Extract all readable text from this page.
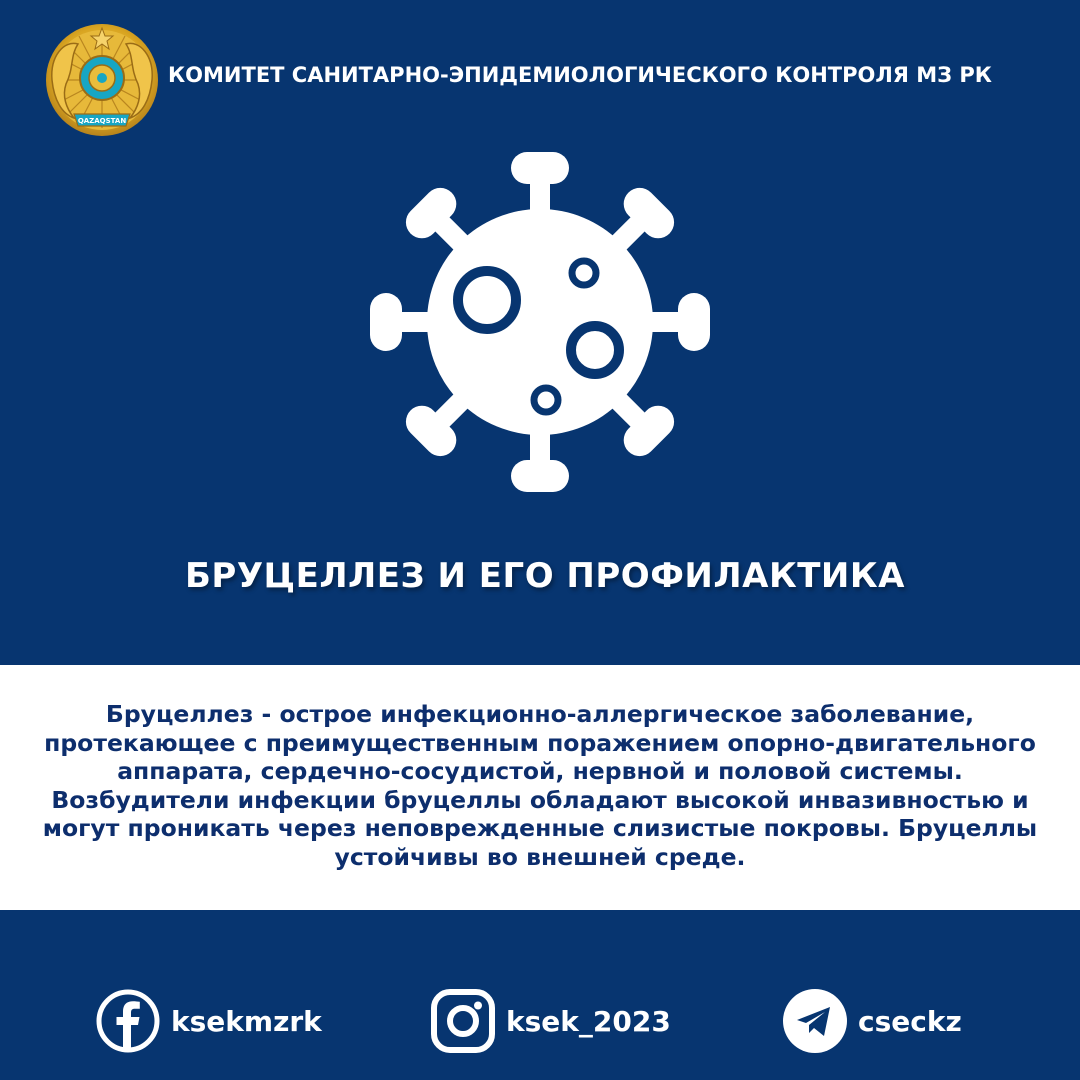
QAZAQSTAN
КОМИТЕТ САНИТАРНО-ЭПИДЕМИОЛОГИЧЕСКОГО КОНТРОЛЯ МЗ РК
БРУЦЕЛЛЕЗ И ЕГО ПРОФИЛАКТИКА

Бруцеллез - острое инфекционно-аллергическое заболевание, протекающее с преимущественным поражением опорно-двигательного аппарата, сердечно-сосудистой, нервной и половой системы. Возбудители инфекции бруцеллы обладают высокой инвазивностью и могут проникать через неповрежденные слизистые покровы. Бруцеллы устойчивы во внешней среде.

ksekmzrk	ksek_2023	cseckz
